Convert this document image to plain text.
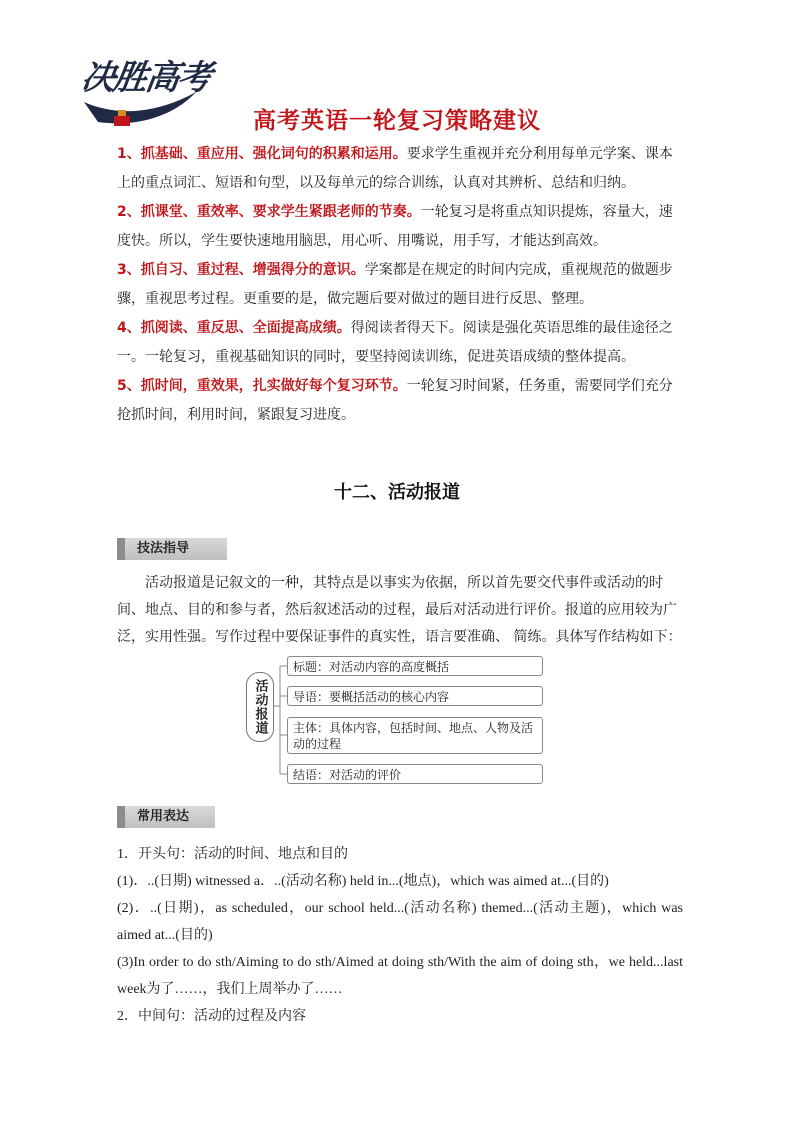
决胜高考
高考英语一轮复习策略建议

1、抓基础、重应用、强化词句的积累和运用。要求学生重视并充分利用每单元学案、课本上的重点词汇、短语和句型，以及每单元的综合训练，认真对其辨析、总结和归纳。

2、抓课堂、重效率、要求学生紧跟老师的节奏。一轮复习是将重点知识提炼，容量大，速度快。所以，学生要快速地用脑思，用心听、用嘴说，用手写，才能达到高效。

3、抓自习、重过程、增强得分的意识。学案都是在规定的时间内完成，重视规范的做题步骤，重视思考过程。更重要的是，做完题后要对做过的题目进行反思、整理。

4、抓阅读、重反思、全面提高成绩。得阅读者得天下。阅读是强化英语思维的最佳途径之一。一轮复习，重视基础知识的同时，要坚持阅读训练，促进英语成绩的整体提高。

5、抓时间，重效果，扎实做好每个复习环节。一轮复习时间紧，任务重，需要同学们充分抢抓时间，利用时间，紧跟复习进度。

十二、活动报道
技法指导

活动报道是记叙文的一种，其特点是以事实为依据，所以首先要交代事件或活动的时间、地点、目的和参与者，然后叙述活动的过程，最后对活动进行评价。报道的应用较为广泛，实用性强。写作过程中要保证事件的真实性，语言要准确、 简练。具体写作结构如下：

活动报道
标题：对活动内容的高度概括
导语：要概括活动的核心内容
主体：具体内容，包括时间、地点、人物及活动的过程
结语：对活动的评价
常用表达

1．开头句：活动的时间、地点和目的

(1)．..(日期) witnessed a．..(活动名称) held in...(地点)，which was aimed at...(目的)

(2)．..(日期)，as scheduled，our school held...(活动名称) themed...(活动主题)，which was aimed at...(目的)

(3)In order to do sth/Aiming to do sth/Aimed at doing sth/With the aim of doing sth，we held...last week为了……，我们上周举办了……

2．中间句：活动的过程及内容
